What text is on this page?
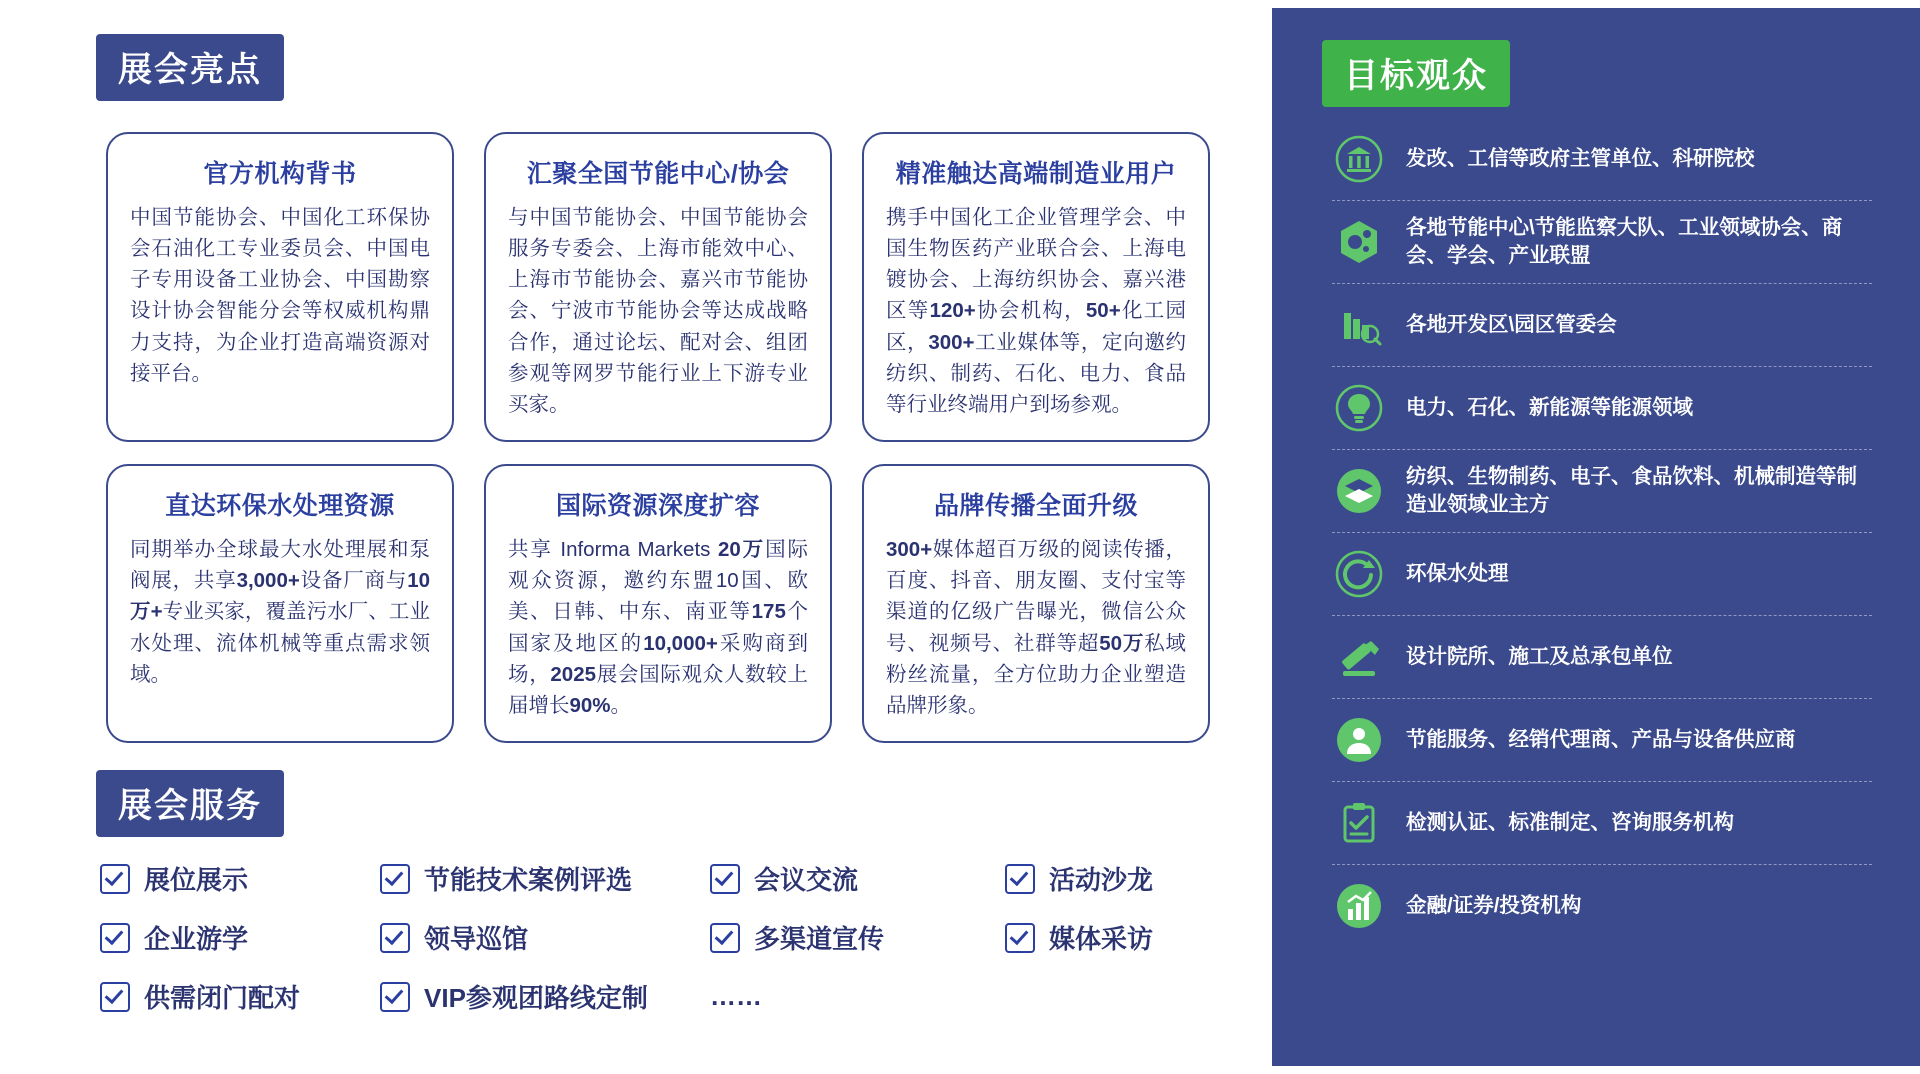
展会亮点
官方机构背书
中国节能协会、中国化工环保协会石油化工专业委员会、中国电子专用设备工业协会、中国勘察设计协会智能分会等权威机构鼎力支持，为企业打造高端资源对接平台。
汇聚全国节能中心/协会
与中国节能协会、中国节能协会服务专委会、上海市能效中心、上海市节能协会、嘉兴市节能协会、宁波市节能协会等达成战略合作，通过论坛、配对会、组团参观等网罗节能行业上下游专业买家。
精准触达高端制造业用户
携手中国化工企业管理学会、中国生物医药产业联合会、上海电镀协会、上海纺织协会、嘉兴港区等120+协会机构，50+化工园区，300+工业媒体等，定向邀约纺织、制药、石化、电力、食品等行业终端用户到场参观。
直达环保水处理资源
同期举办全球最大水处理展和泵阀展，共享3,000+设备厂商与10万+专业买家，覆盖污水厂、工业水处理、流体机械等重点需求领域。
国际资源深度扩容
共享 Informa Markets 20万国际观众资源，邀约东盟10国、欧美、日韩、中东、南亚等175个国家及地区的10,000+采购商到场，2025展会国际观众人数较上届增长90%。
品牌传播全面升级
300+媒体超百万级的阅读传播，百度、抖音、朋友圈、支付宝等渠道的亿级广告曝光，微信公众号、视频号、社群等超50万私域粉丝流量，全方位助力企业塑造品牌形象。
展会服务
展位展示	节能技术案例评选	会议交流	活动沙龙
企业游学	领导巡馆	多渠道宣传	媒体采访
供需闭门配对	VIP参观团路线定制 ……
目标观众
发改、工信等政府主管单位、科研院校
各地节能中心\节能监察大队、工业领域协会、商会、学会、产业联盟
各地开发区\园区管委会
电力、石化、新能源等能源领域
纺织、生物制药、电子、食品饮料、机械制造等制造业领域业主方
环保水处理
设计院所、施工及总承包单位
节能服务、经销代理商、产品与设备供应商
检测认证、标准制定、咨询服务机构
金融/证券/投资机构
